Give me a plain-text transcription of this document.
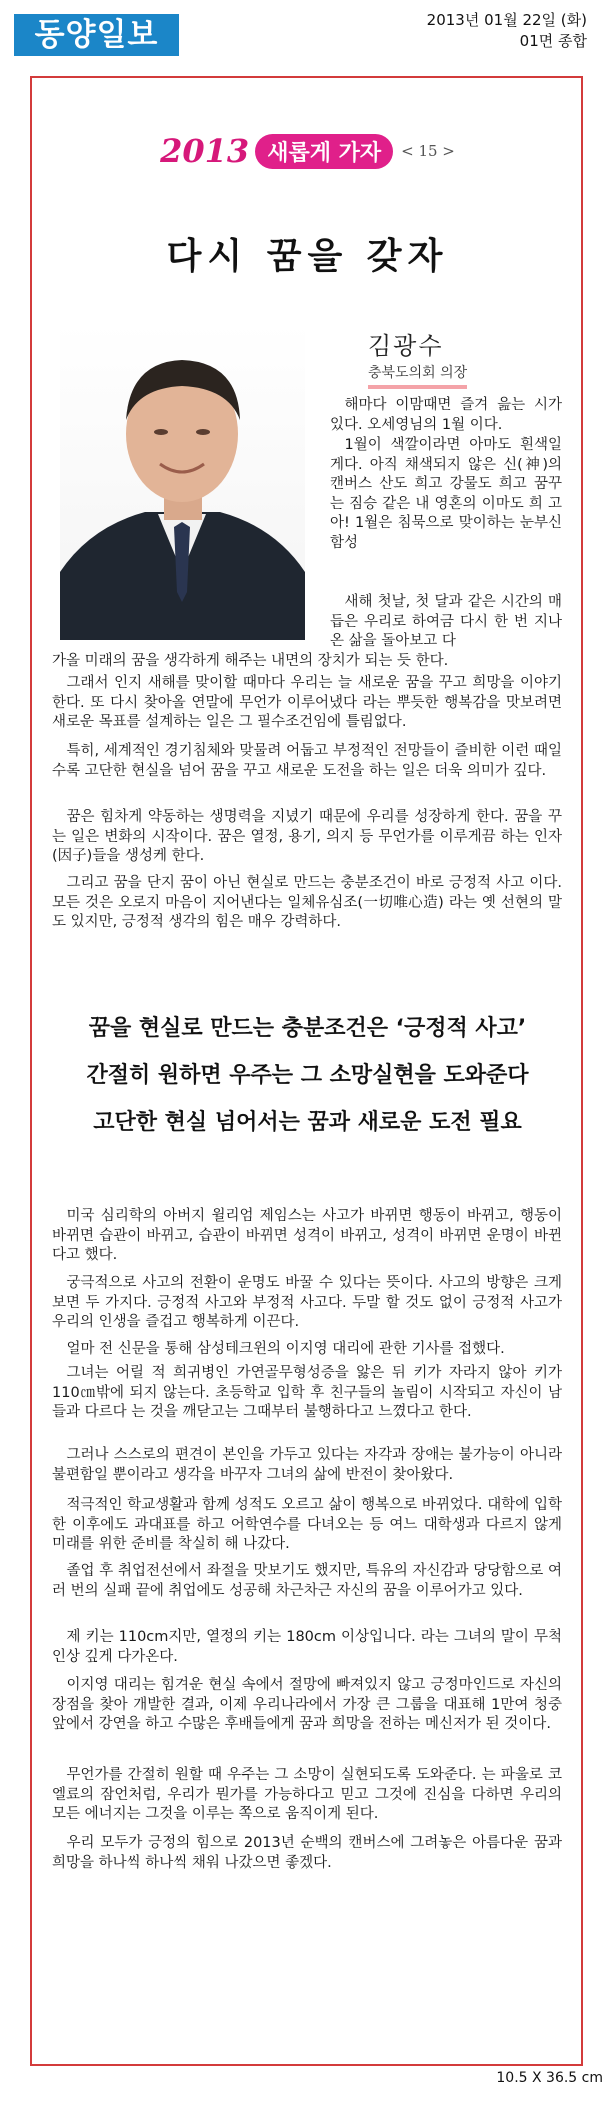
동양일보	2013년 01월 22일 (화)
01면 종합
2013 새롭게 가자 < 15 >
다시 꿈을 갖자
김광수
충북도의회 의장

해마다 이맘때면 즐겨 읊는 시가 있다. 오세영님의 1월 이다.

1월이 색깔이라면 아마도 흰색일 게다. 아직 채색되지 않은 신(神)의 캔버스 산도 희고 강물도 희고 꿈꾸는 짐승 같은 내 영혼의 이마도 희 고 아! 1월은 침묵으로 맞이하는 눈부신 함성

새해 첫날, 첫 달과 같은 시간의 매듭은 우리로 하여금 다시 한 번 지나온 삶을 돌아보고 다

가올 미래의 꿈을 생각하게 해주는 내면의 장치가 되는 듯 한다.

그래서 인지 새해를 맞이할 때마다 우리는 늘 새로운 꿈을 꾸고 희망을 이야기한다. 또 다시 찾아올 연말에 무언가 이루어냈다 라는 뿌듯한 행복감을 맛보려면 새로운 목표를 설계하는 일은 그 필수조건임에 틀림없다.

특히, 세계적인 경기침체와 맞물려 어둡고 부정적인 전망들이 즐비한 이런 때일수록 고단한 현실을 넘어 꿈을 꾸고 새로운 도전을 하는 일은 더욱 의미가 깊다.

꿈은 힘차게 약동하는 생명력을 지녔기 때문에 우리를 성장하게 한다. 꿈을 꾸는 일은 변화의 시작이다. 꿈은 열정, 용기, 의지 등 무언가를 이루게끔 하는 인자(因子)들을 생성케 한다.

그리고 꿈을 단지 꿈이 아닌 현실로 만드는 충분조건이 바로 긍정적 사고 이다. 모든 것은 오로지 마음이 지어낸다는 일체유심조(一切唯心造) 라는 옛 선현의 말도 있지만, 긍정적 생각의 힘은 매우 강력하다.

꿈을 현실로 만드는 충분조건은 ‘긍정적 사고’
간절히 원하면 우주는 그 소망실현을 도와준다
고단한 현실 넘어서는 꿈과 새로운 도전 필요

미국 심리학의 아버지 윌리엄 제임스는 사고가 바뀌면 행동이 바뀌고, 행동이 바뀌면 습관이 바뀌고, 습관이 바뀌면 성격이 바뀌고, 성격이 바뀌면 운명이 바뀐다고 했다.

궁극적으로 사고의 전환이 운명도 바꿀 수 있다는 뜻이다. 사고의 방향은 크게 보면 두 가지다. 긍정적 사고와 부정적 사고다. 두말 할 것도 없이 긍정적 사고가 우리의 인생을 즐겁고 행복하게 이끈다.

얼마 전 신문을 통해 삼성테크윈의 이지영 대리에 관한 기사를 접했다.

그녀는 어릴 적 희귀병인 가연골무형성증을 앓은 뒤 키가 자라지 않아 키가 110㎝밖에 되지 않는다. 초등학교 입학 후 친구들의 놀림이 시작되고 자신이 남들과 다르다 는 것을 깨닫고는 그때부터 불행하다고 느꼈다고 한다.

그러나 스스로의 편견이 본인을 가두고 있다는 자각과 장애는 불가능이 아니라 불편함일 뿐이라고 생각을 바꾸자 그녀의 삶에 반전이 찾아왔다.

적극적인 학교생활과 함께 성적도 오르고 삶이 행복으로 바뀌었다. 대학에 입학한 이후에도 과대표를 하고 어학연수를 다녀오는 등 여느 대학생과 다르지 않게 미래를 위한 준비를 착실히 해 나갔다.

졸업 후 취업전선에서 좌절을 맛보기도 했지만, 특유의 자신감과 당당함으로 여러 번의 실패 끝에 취업에도 성공해 차근차근 자신의 꿈을 이루어가고 있다.

제 키는 110cm지만, 열정의 키는 180cm 이상입니다. 라는 그녀의 말이 무척 인상 깊게 다가온다.

이지영 대리는 힘겨운 현실 속에서 절망에 빠져있지 않고 긍정마인드로 자신의 장점을 찾아 개발한 결과, 이제 우리나라에서 가장 큰 그룹을 대표해 1만여 청중 앞에서 강연을 하고 수많은 후배들에게 꿈과 희망을 전하는 메신저가 된 것이다.

무언가를 간절히 원할 때 우주는 그 소망이 실현되도록 도와준다. 는 파울로 코엘료의 잠언처럼, 우리가 뭔가를 가능하다고 믿고 그것에 진심을 다하면 우리의 모든 에너지는 그것을 이루는 쪽으로 움직이게 된다.

우리 모두가 긍정의 힘으로 2013년 순백의 캔버스에 그려놓은 아름다운 꿈과 희망을 하나씩 하나씩 채워 나갔으면 좋겠다.

10.5 X 36.5 cm
